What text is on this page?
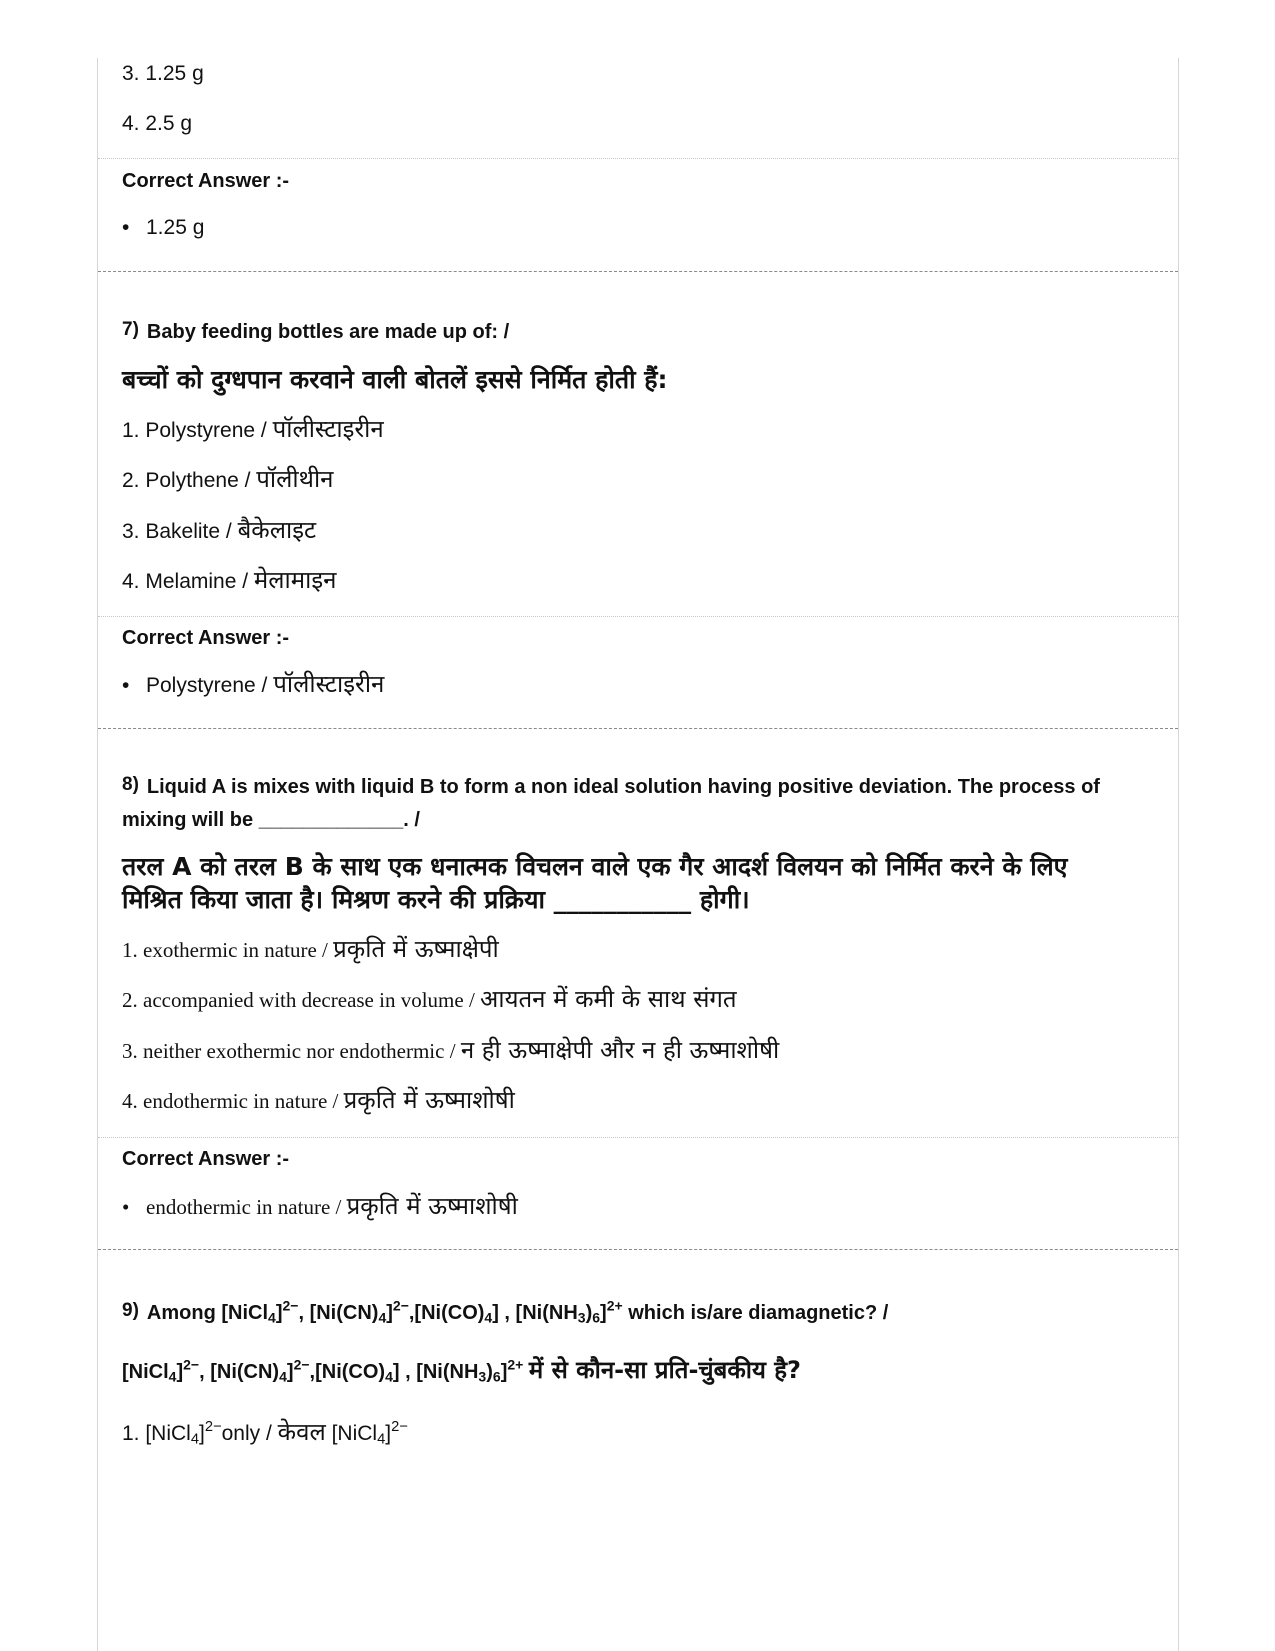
3. 1.25 g
4. 2.5 g
Correct Answer :-
• 1.25 g
7) Baby feeding bottles are made up of: /
बच्चों को दुग्धपान करवाने वाली बोतलें इससे निर्मित होती हैं:
1. Polystyrene / पॉलीस्टाइरीन
2. Polythene / पॉलीथीन
3. Bakelite / बैकेलाइट
4. Melamine / मेलामाइन
Correct Answer :-
• Polystyrene / पॉलीस्टाइरीन
8) Liquid A is mixes with liquid B to form a non ideal solution having positive deviation. The process of
mixing will be _____________. /
तरल A को तरल B के साथ एक धनात्मक विचलन वाले एक गैर आदर्श विलयन को निर्मित करने के लिए
मिश्रित किया जाता है। मिश्रण करने की प्रक्रिया ___________ होगी।
1. exothermic in nature / प्रकृति में ऊष्माक्षेपी
2. accompanied with decrease in volume / आयतन में कमी के साथ संगत
3. neither exothermic nor endothermic / न ही ऊष्माक्षेपी और न ही ऊष्माशोषी
4. endothermic in nature / प्रकृति में ऊष्माशोषी
Correct Answer :-
• endothermic in nature / प्रकृति में ऊष्माशोषी
9) Among [NiCl$_4$]$^{2-}$, $[Ni(CN)_4]^{2-},[Ni(CO)_4]$ , $[Ni(NH_3)_6]^{2+}$ which is/are diamagnetic? /
[NiCl$_4$]$^{2-}$, $[Ni(CN)_4]^{2-},[Ni(CO)_4]$ , $[Ni(NH_3)_6]^{2+}$ में से कौन-सा प्रति-चुंबकीय है?
1. [NiCl$_4$]$^{2-}$only / केवल [NiCl$_4$]$^{2-}$
